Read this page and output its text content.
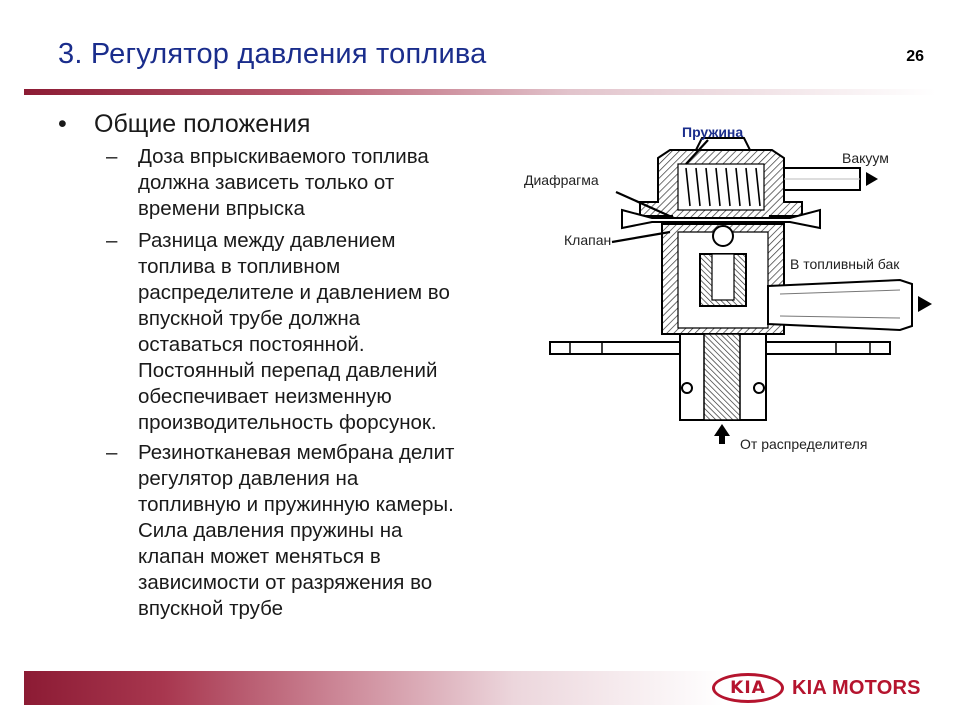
3. Регулятор давления топлива	26
• Общие положения
–	Доза впрыскиваемого топлива
должна зависеть только от
времени впрыска
–	Разница между давлением
топлива в топливном
распределителе и давлением во
впускной трубе должна
оставаться постоянной.
Постоянный перепад давлений
обеспечивает неизменную
производительность форсунок.
–	Резинотканевая мембрана делит
регулятор давления на
топливную и пружинную камеры.
Сила давления пружины на
клапан может меняться в
зависимости от разряжения во
впускной трубе
Пружина
Вакуум
Диафрагма
Клапан
В топливный бак
От распределителя
KIA	KIA MOTORS
